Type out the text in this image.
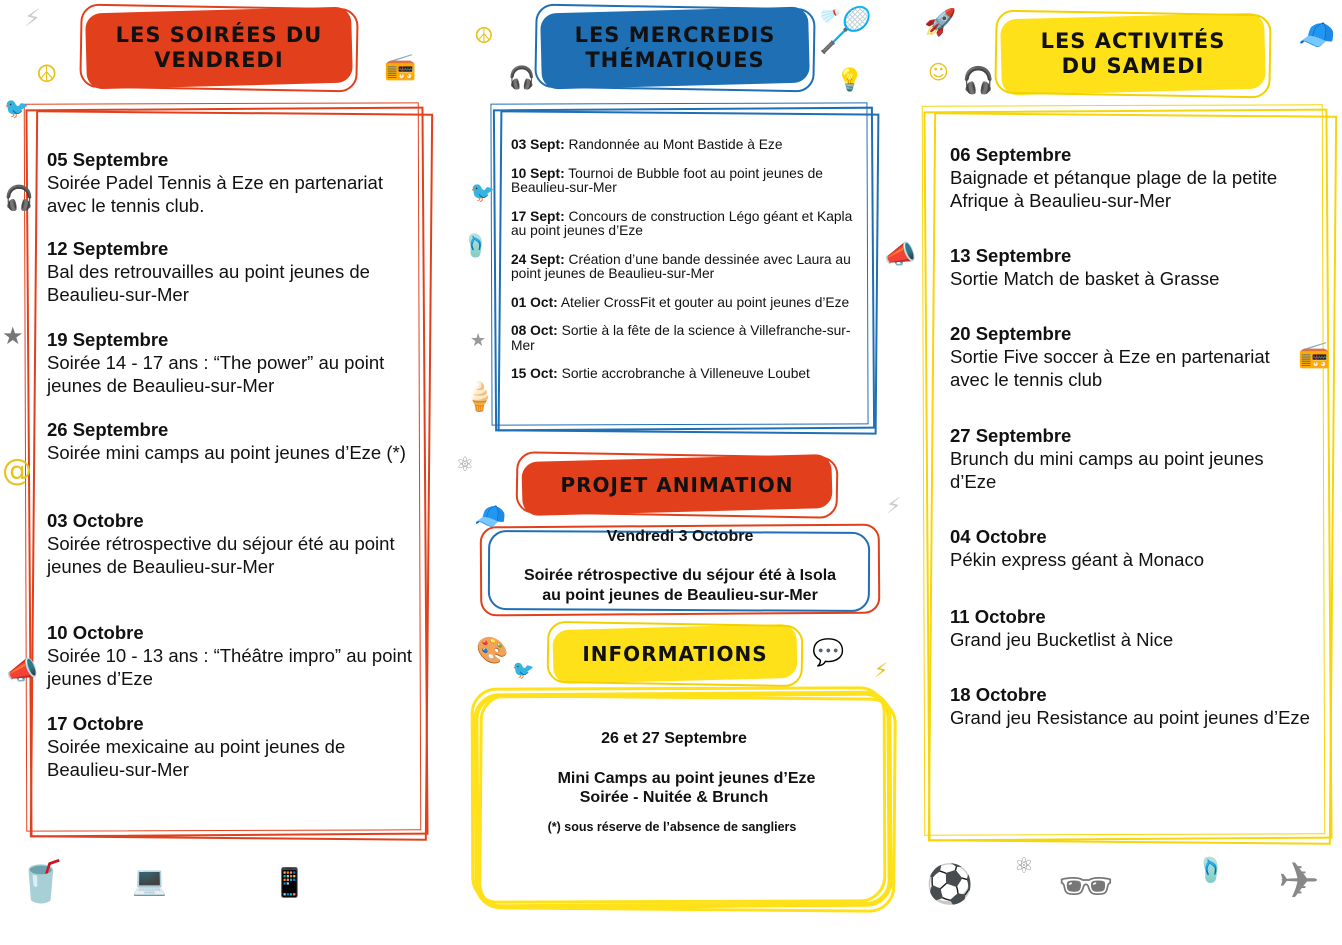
LES SOIRÉES DU
VENDREDI
05 Septembre
Soirée Padel Tennis à Eze en partenariat avec le tennis club.
12 Septembre
Bal des retrouvailles au point jeunes de Beaulieu-sur-Mer
19 Septembre
Soirée 14 - 17 ans : “The power” au point jeunes de Beaulieu-sur-Mer
26 Septembre
Soirée mini camps au point jeunes d’Eze (*)
03 Octobre
Soirée rétrospective du séjour été au point jeunes de Beaulieu-sur-Mer
10 Octobre
Soirée 10 - 13 ans : “Théâtre impro” au point jeunes d’Eze
17 Octobre
Soirée mexicaine au point jeunes de Beaulieu-sur-Mer
LES MERCREDIS
THÉMATIQUES
03 Sept: Randonnée au Mont Bastide à Eze
10 Sept: Tournoi de Bubble foot au point jeunes de Beaulieu-sur-Mer
17 Sept: Concours de construction Légo géant et Kapla au point jeunes d’Eze
24 Sept: Création d’une bande dessinée avec Laura au point jeunes de Beaulieu-sur-Mer
01 Oct: Atelier CrossFit et gouter au point jeunes d’Eze
08 Oct: Sortie à la fête de la science à Villefranche-sur-Mer
15 Oct: Sortie accrobranche à Villeneuve Loubet
PROJET ANIMATION
Vendredi 3 Octobre
Soirée rétrospective du séjour été à Isola
au point jeunes de Beaulieu-sur-Mer
INFORMATIONS
26 et 27 Septembre
Mini Camps au point jeunes d’Eze
Soirée - Nuitée & Brunch
(*) sous réserve de l’absence de sangliers
LES ACTIVITÉS
DU SAMEDI
06 Septembre
Baignade et pétanque plage de la petite Afrique à Beaulieu-sur-Mer
13 Septembre
Sortie Match de basket à Grasse
20 Septembre
Sortie Five soccer à Eze en partenariat avec le tennis club
27 Septembre
Brunch du mini camps au point jeunes d’Eze
04 Octobre
Pékin express géant à Monaco
11 Octobre
Grand jeu Bucketlist à Nice
18 Octobre
Grand jeu Resistance au point jeunes d’Eze
⚡
☮
🐦
🎧
★
@
📣
🥤 💻	📱
📻
☮
🎧
🏸
💡
🐦
🩴
★
🍦
⚛
📣
⚡
🧢
🎨
🐦
💬
⚡
🚀
☺ 🎧
🧢
📻
⚽ ⚛ 🕶	🩴 ✈
